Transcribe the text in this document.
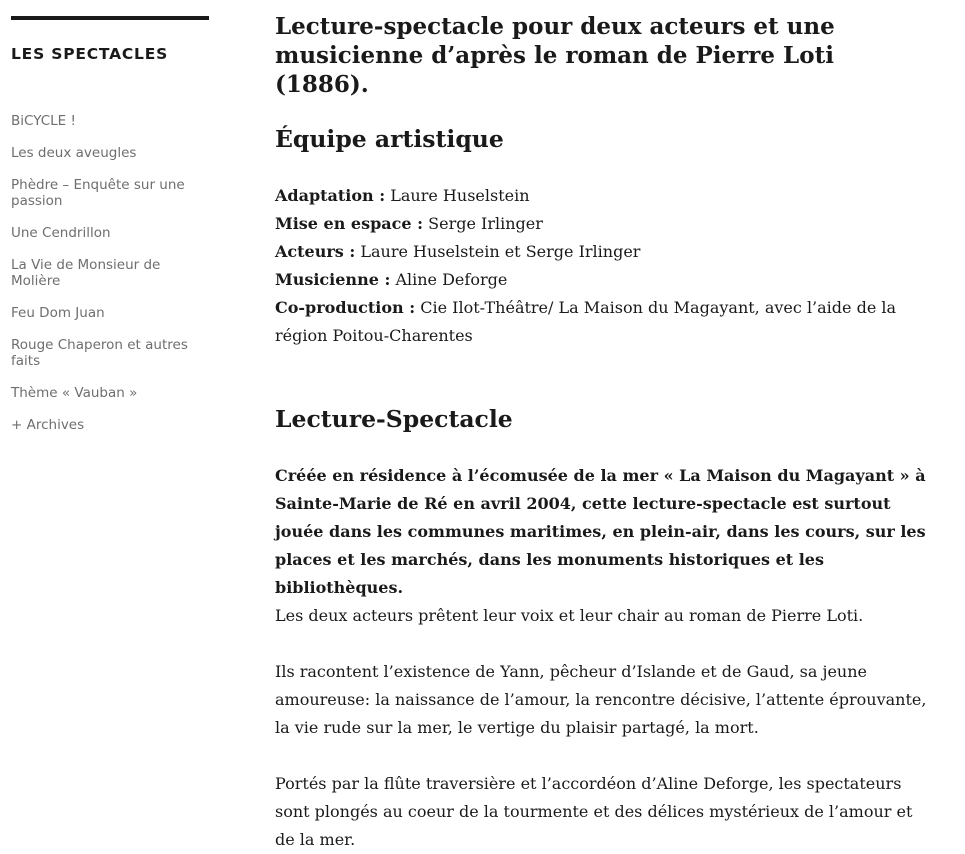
LES SPECTACLES
BiCYCLE !
Les deux aveugles
Phèdre – Enquête sur une passion
Une Cendrillon
La Vie de Monsieur de Molière
Feu Dom Juan
Rouge Chaperon et autres faits
Thème « Vauban »
+ Archives

Lecture-spectacle pour deux acteurs et une musicienne d’après le roman de Pierre Loti (1886).

Équipe artistique

Adaptation : Laure Huselstein

Mise en espace : Serge Irlinger

Acteurs : Laure Huselstein et Serge Irlinger

Musicienne : Aline Deforge

Co-production : Cie Ilot-Théâtre/ La Maison du Magayant, avec l’aide de la région Poitou-Charentes

Lecture-Spectacle

Créée en résidence à l’écomusée de la mer « La Maison du Magayant » à Sainte-Marie de Ré en avril 2004, cette lecture-spectacle est surtout jouée dans les communes maritimes, en plein-air, dans les cours, sur les places et les marchés, dans les monuments historiques et les bibliothèques.

Les deux acteurs prêtent leur voix et leur chair au roman de Pierre Loti.

Ils racontent l’existence de Yann, pêcheur d’Islande et de Gaud, sa jeune amoureuse: la naissance de l’amour, la rencontre décisive, l’attente éprouvante, la vie rude sur la mer, le vertige du plaisir partagé, la mort.

Portés par la flûte traversière et l’accordéon d’Aline Deforge, les spectateurs sont plongés au coeur de la tourmente et des délices mystérieux de l’amour et de la mer.
